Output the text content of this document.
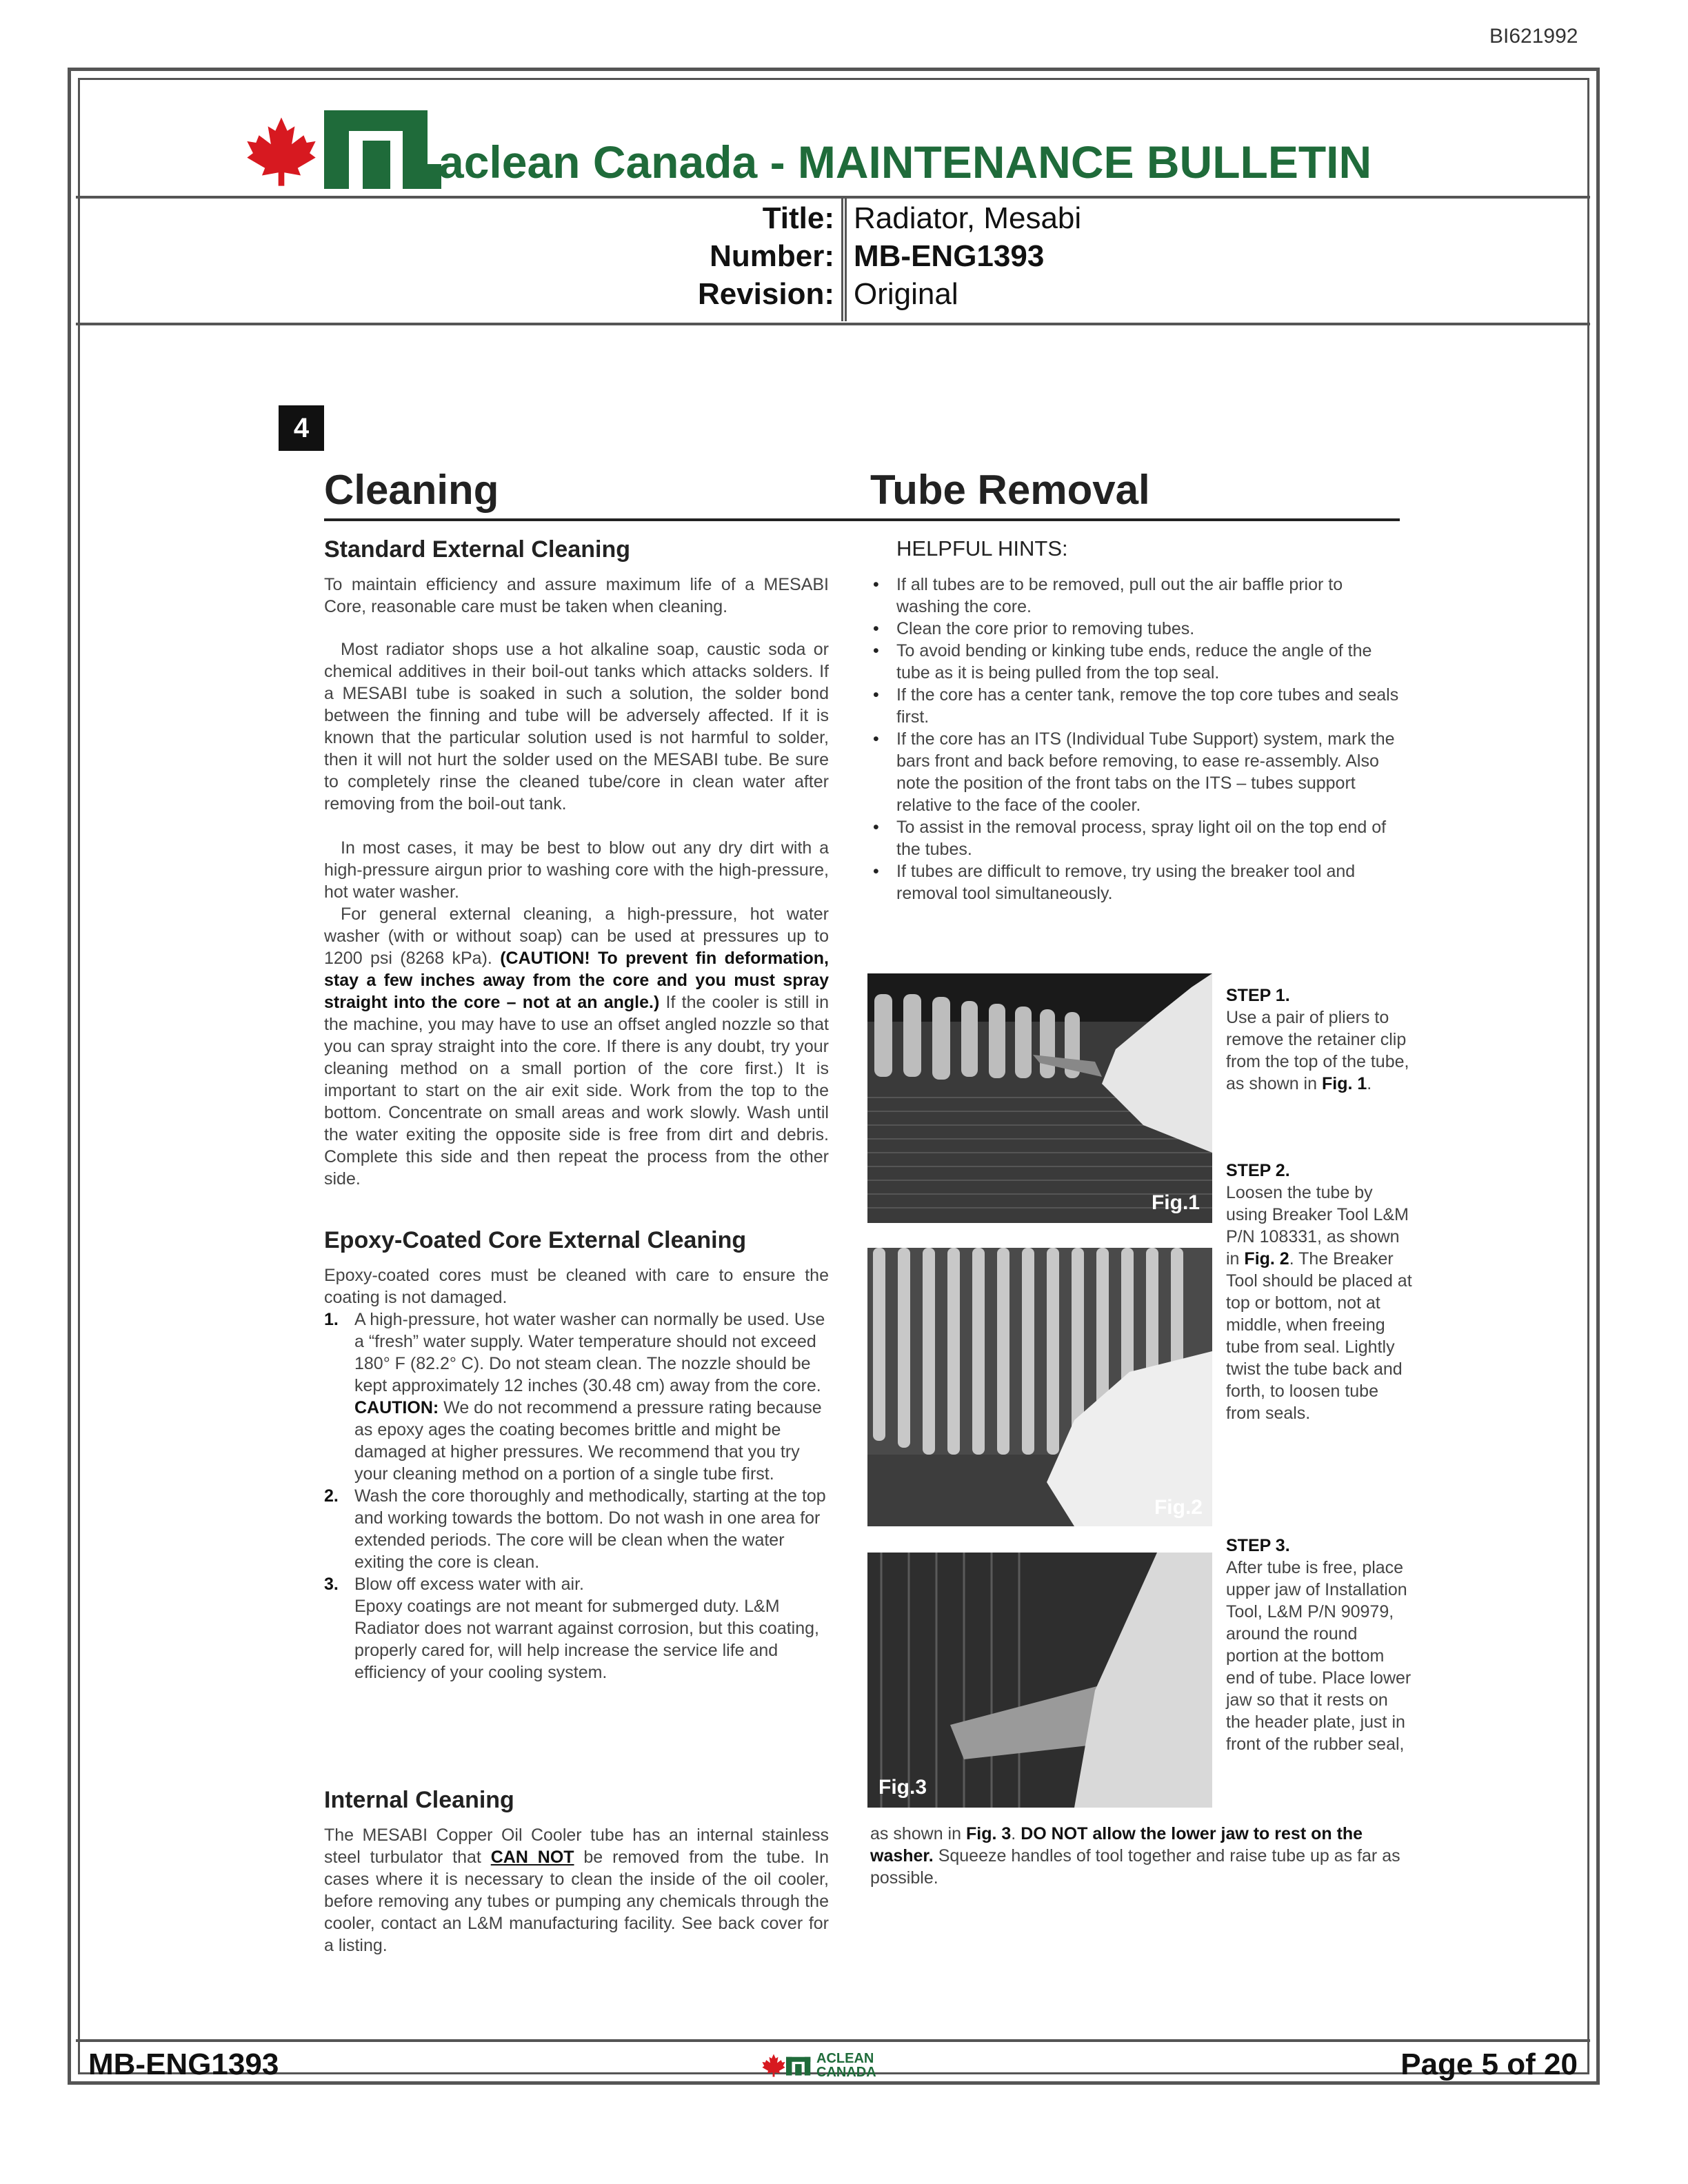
BI621992
aclean Canada - MAINTENANCE BULLETIN
Title: Radiator, Mesabi
Number: MB-ENG1393
Revision: Original
4
Cleaning	Tube Removal
Standard External Cleaning

To maintain efficiency and assure maximum life of a MESABI Core, reasonable care must be taken when cleaning.

Most radiator shops use a hot alkaline soap, caustic soda or chemical additives in their boil-out tanks which attacks solders. If a MESABI tube is soaked in such a solution, the solder bond between the finning and tube will be adversely affected. If it is known that the particular solution used is not harmful to solder, then it will not hurt the solder used on the MESABI tube. Be sure to completely rinse the cleaned tube/core in clean water after removing from the boil-out tank.

In most cases, it may be best to blow out any dry dirt with a high-pressure airgun prior to washing core with the high-pressure, hot water washer.

For general external cleaning, a high-pressure, hot water washer (with or without soap) can be used at pressures up to 1200 psi (8268 kPa). (CAUTION! To prevent fin deformation, stay a few inches away from the core and you must spray straight into the core – not at an angle.) If the cooler is still in the machine, you may have to use an offset angled nozzle so that you can spray straight into the core. If there is any doubt, try your cleaning method on a small portion of the core first.) It is important to start on the air exit side. Work from the top to the bottom. Concentrate on small areas and work slowly. Wash until the water exiting the opposite side is free from dirt and debris. Complete this side and then repeat the process from the other side.

Epoxy-Coated Core External Cleaning

Epoxy-coated cores must be cleaned with care to ensure the coating is not damaged.

1. A high-pressure, hot water washer can normally be used. Use a “fresh” water supply. Water temperature should not exceed 180° F (82.2° C). Do not steam clean. The nozzle should be kept approximately 12 inches (30.48 cm) away from the core.
CAUTION: We do not recommend a pressure rating because as epoxy ages the coating becomes brittle and might be damaged at higher pressures. We recommend that you try your cleaning method on a portion of a single tube first.
2. Wash the core thoroughly and methodically, starting at the top and working towards the bottom. Do not wash in one area for extended periods. The core will be clean when the water exiting the core is clean.
3. Blow off excess water with air.
Epoxy coatings are not meant for submerged duty. L&M Radiator does not warrant against corrosion, but this coating, properly cared for, will help increase the service life and efficiency of your cooling system.
Internal Cleaning

The MESABI Copper Oil Cooler tube has an internal stainless steel turbulator that CAN NOT be removed from the tube. In cases where it is necessary to clean the inside of the oil cooler, before removing any tubes or pumping any chemicals through the cooler, contact an L&M manufacturing facility. See back cover for a listing.

HELPFUL HINTS:
• If all tubes are to be removed, pull out the air baffle prior to washing the core.
• Clean the core prior to removing tubes.
• To avoid bending or kinking tube ends, reduce the angle of the tube as it is being pulled from the top seal.
• If the core has a center tank, remove the top core tubes and seals first.
• If the core has an ITS (Individual Tube Support) system, mark the bars front and back before removing, to ease re-assembly. Also note the position of the front tabs on the ITS – tubes support relative to the face of the cooler.
• To assist in the removal process, spray light oil on the top end of the tubes.
• If tubes are difficult to remove, try using the breaker tool and removal tool simultaneously.
Fig.1
Fig.2
Fig.3
STEP 1.
Use a pair of pliers to remove the retainer clip from the top of the tube, as shown in Fig. 1.
STEP 2.
Loosen the tube by using Breaker Tool L&M P/N 108331, as shown in Fig. 2. The Breaker Tool should be placed at top or bottom, not at middle, when freeing tube from seal. Lightly twist the tube back and forth, to loosen tube from seals.
STEP 3.
After tube is free, place upper jaw of Installation Tool, L&M P/N 90979, around the round portion at the bottom end of tube. Place lower jaw so that it rests on the header plate, just in front of the rubber seal,
as shown in Fig. 3. DO NOT allow the lower jaw to rest on the washer. Squeeze handles of tool together and raise tube up as far as possible.
MB-ENG1393	ACLEAN
CANADA	Page 5 of 20
